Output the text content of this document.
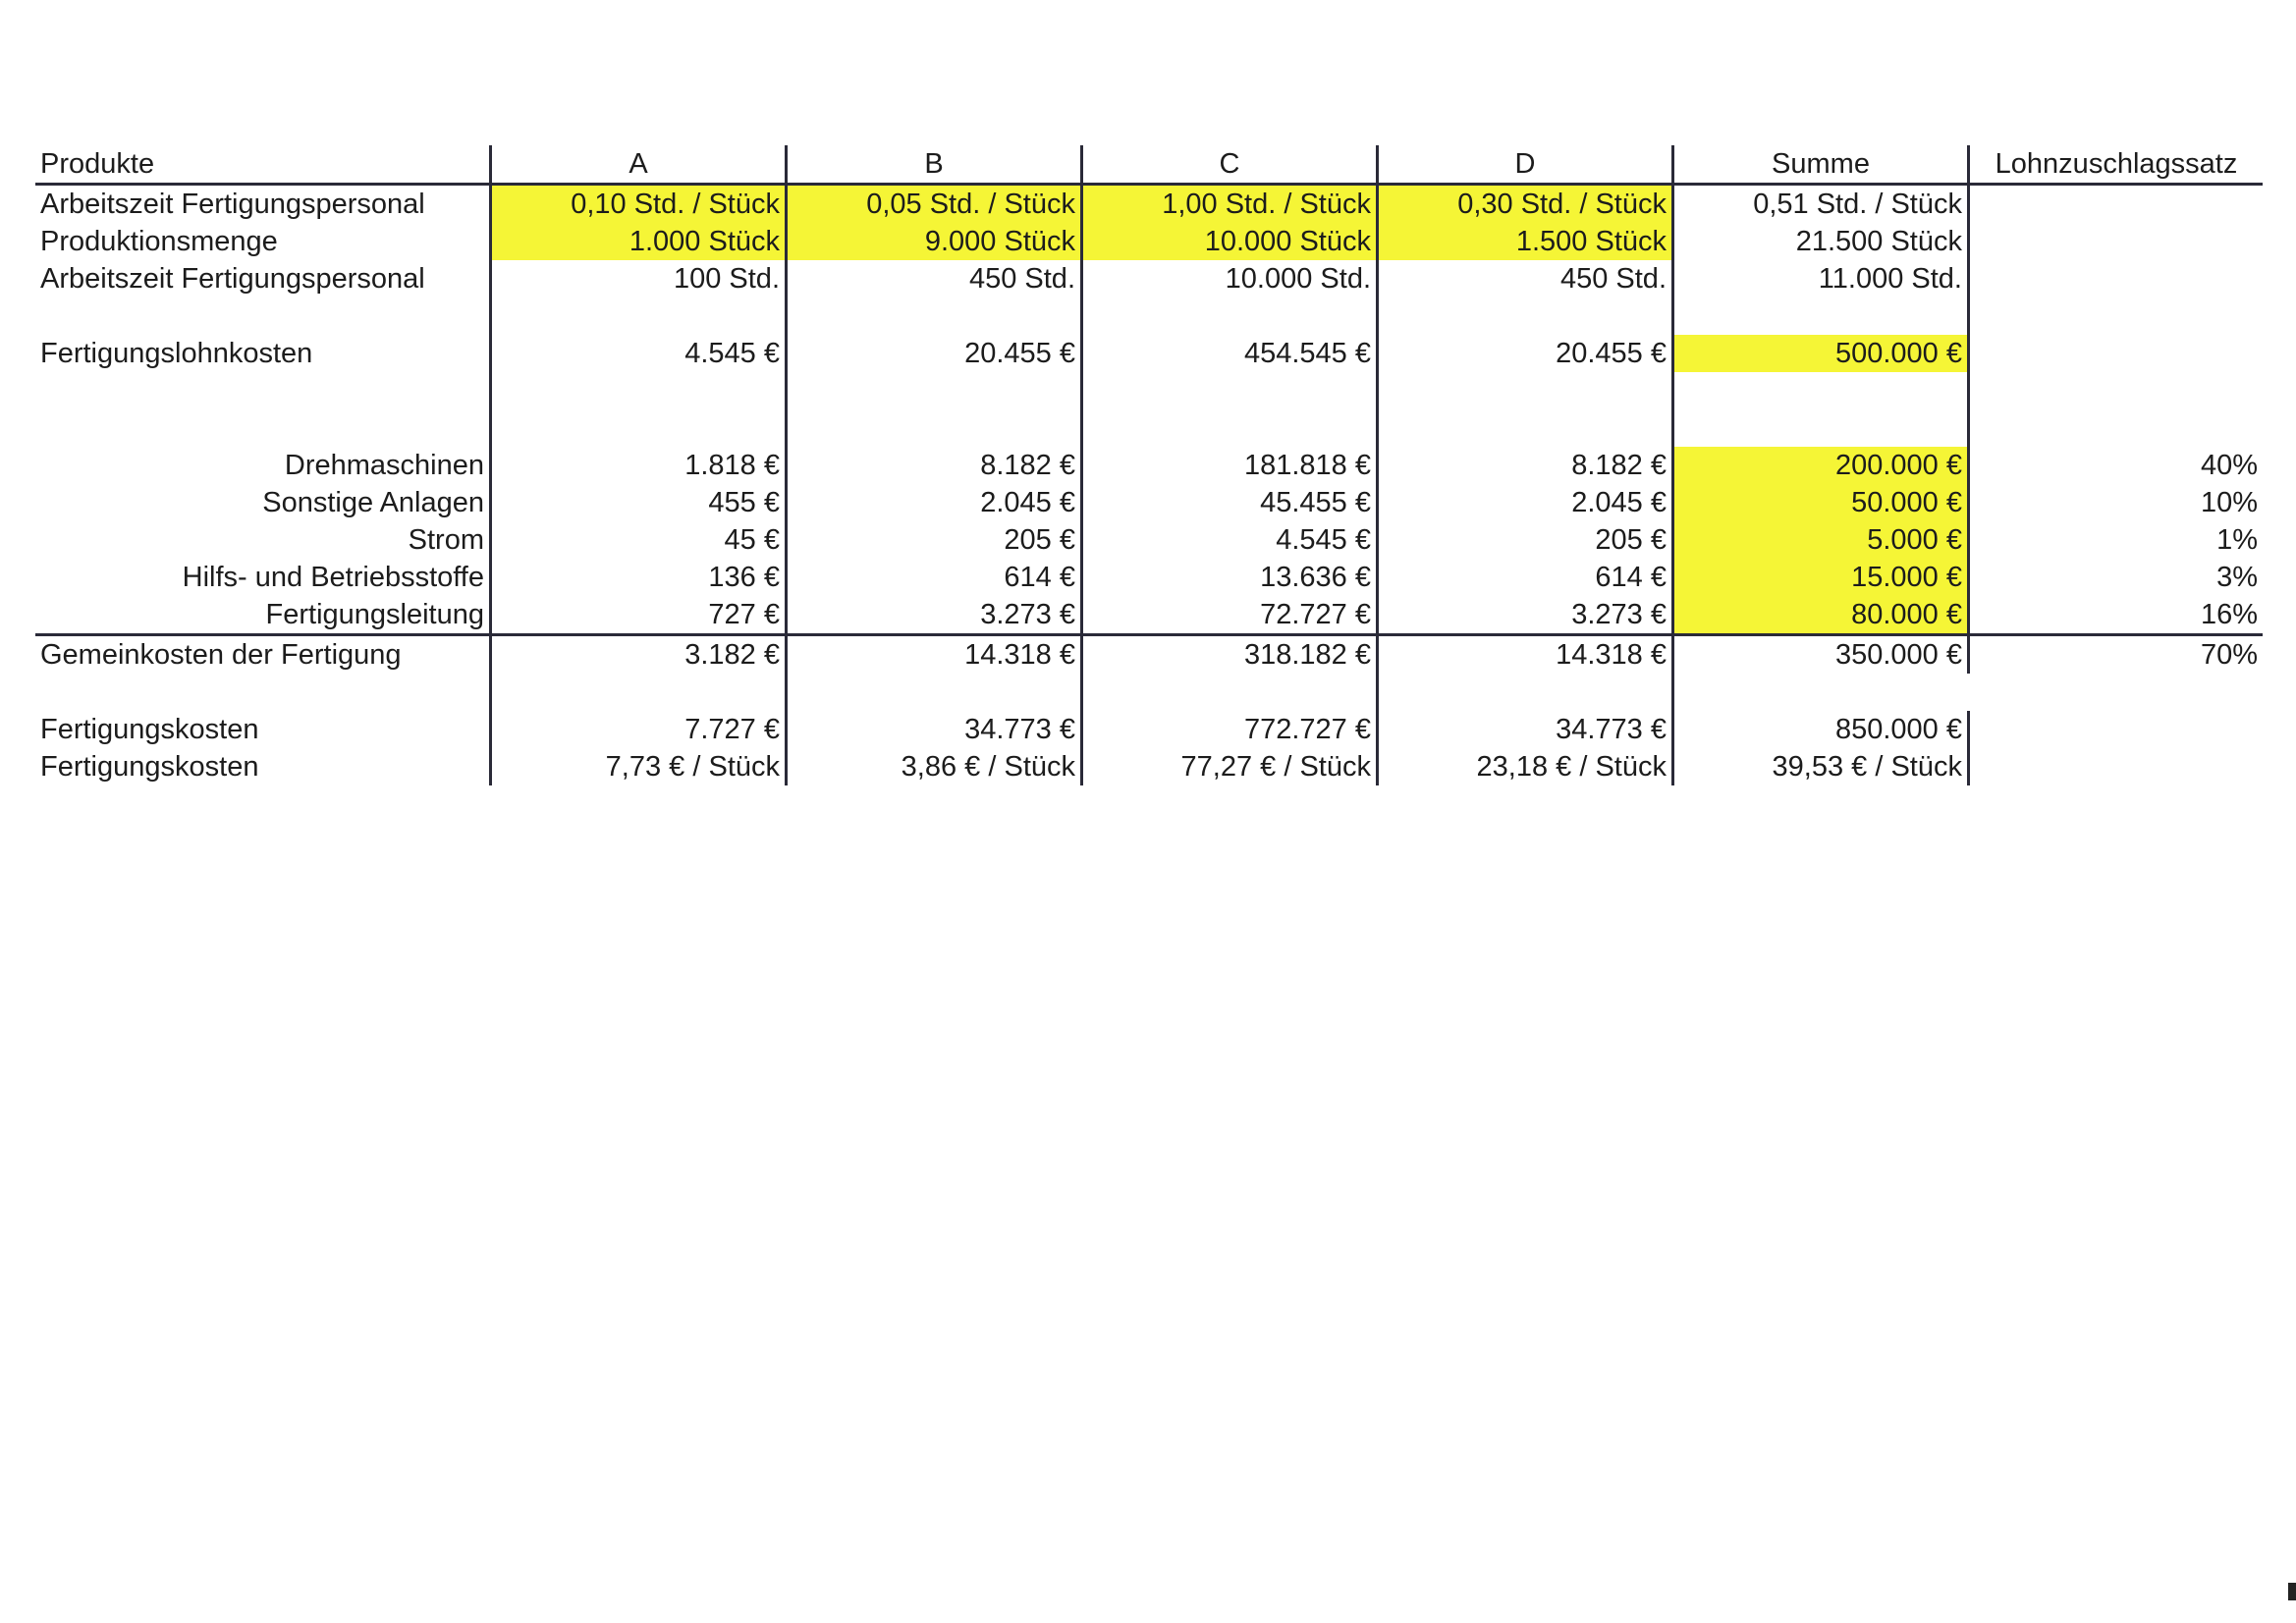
Produkte	A	B	C	D	Summe	Lohnzuschlagssatz
Arbeitszeit Fertigungspersonal	0,10 Std. / Stück	0,05 Std. / Stück	1,00 Std. / Stück	0,30 Std. / Stück	0,51 Std. / Stück	
Produktionsmenge	1.000 Stück	9.000 Stück	10.000 Stück	1.500 Stück	21.500 Stück	
Arbeitszeit Fertigungspersonal	100 Std.	450 Std.	10.000 Std.	450 Std.	11.000 Std.	

Fertigungslohnkosten	4.545 €	20.455 €	454.545 €	20.455 €	500.000 €	

Drehmaschinen	1.818 €	8.182 €	181.818 €	8.182 €	200.000 €	40%
Sonstige Anlagen	455 €	2.045 €	45.455 €	2.045 €	50.000 €	10%
Strom	45 €	205 €	4.545 €	205 €	5.000 €	1%
Hilfs- und Betriebsstoffe	136 €	614 €	13.636 €	614 €	15.000 €	3%
Fertigungsleitung	727 €	3.273 €	72.727 €	3.273 €	80.000 €	16%
Gemeinkosten der Fertigung	3.182 €	14.318 €	318.182 €	14.318 €	350.000 €	70%

Fertigungskosten	7.727 €	34.773 €	772.727 €	34.773 €	850.000 €	
Fertigungskosten	7,73 € / Stück	3,86 € / Stück	77,27 € / Stück	23,18 € / Stück	39,53 € / Stück	
